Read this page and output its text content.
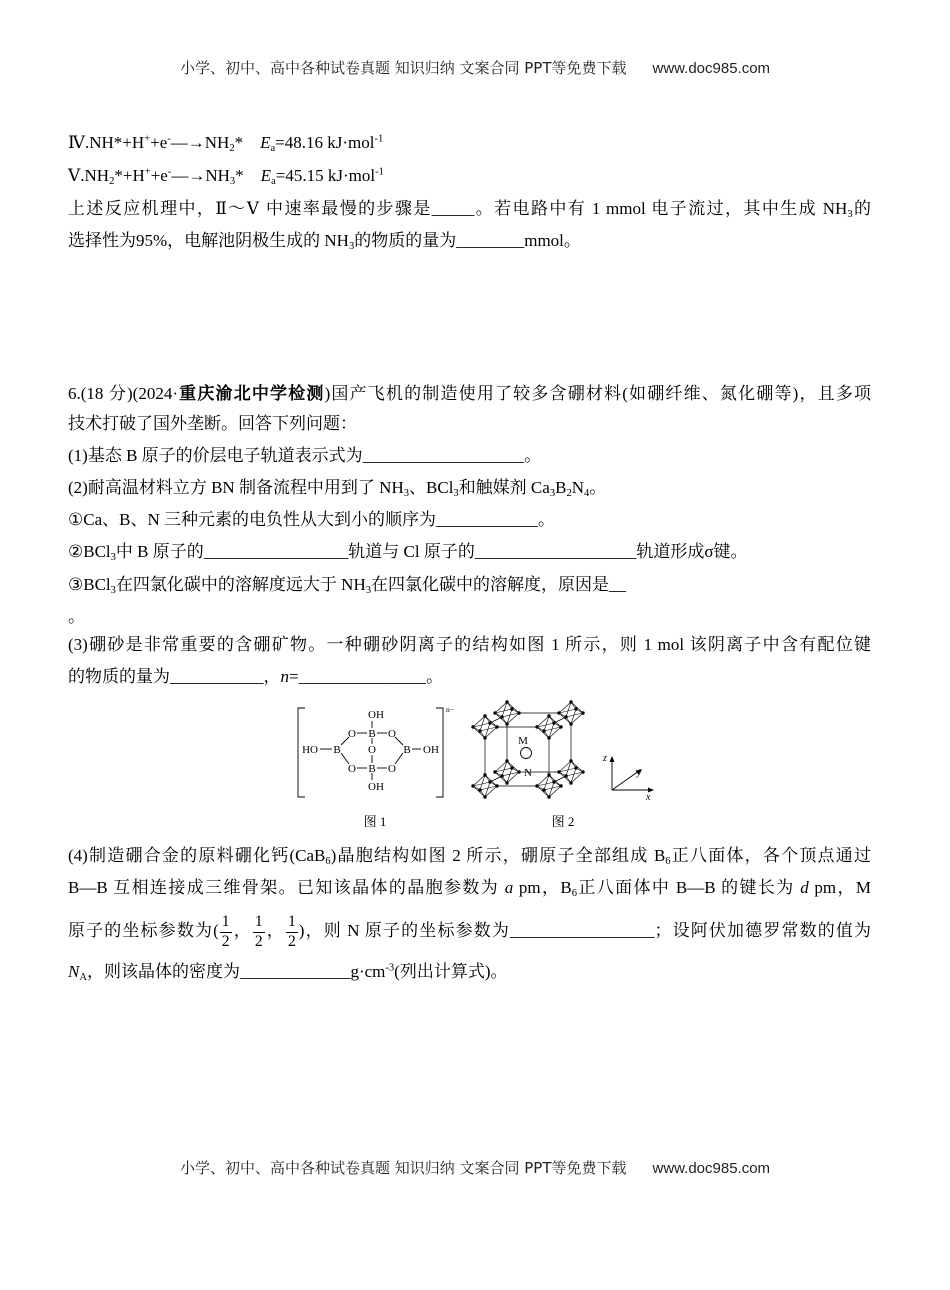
小学、初中、高中各种试卷真题 知识归纳 文案合同 PPT等免费下载 www.doc985.com
$Ⅳ.NH*+H^++e^-—\to NH_2*$    $E_a=48.16$ kJ·mol$^{-1}$
$Ⅴ.NH_2*+H^++e^-—\to NH_3*$    $E_a=45.15$ kJ·mol$^{-1}$
上述反应机理中，Ⅱ～Ⅴ 中速率最慢的步骤是_____。若电路中有 1 mmol 电子流过，其中生成 $NH_3$的
选择性为95%，电解池阴极生成的 $NH_3$的物质的量为________mmol。
6.(18 分)(2024·重庆渝北中学检测)国产飞机的制造使用了较多含硼材料(如硼纤维、氮化硼等)，且多项
技术打破了国外垄断。回答下列问题：
(1)基态 B 原子的价层电子轨道表示式为___________________。
(2)耐高温材料立方 BN 制备流程中用到了 $NH_3$、BCl$_3$和触媒剂 $Ca_3B_2N_4$。
①Ca、B、N 三种元素的电负性从大到小的顺序为____________。
②BCl$_3$中 B 原子的_________________轨道与 Cl 原子的___________________轨道形成σ键。
③BCl$_3$在四氯化碳中的溶解度远大于 $NH_3$在四氯化碳中的溶解度，原因是__
。
(3)硼砂是非常重要的含硼矿物。一种硼砂阴离子的结构如图 1 所示，则 1 mol 该阴离子中含有配位键
的物质的量为___________，n=_______________。
OH
O B O
HO B O B OH
O B O
OH
n−
图 1
M
N
图 2
z
y
x
(4)制造硼合金的原料硼化钙(CaB$_6$)晶胞结构如图 2 所示，硼原子全部组成 $B_6$正八面体，各个顶点通过
B—B 互相连接成三维骨架。已知该晶体的晶胞参数为 a pm，$B_6$正八面体中 B—B 的键长为 d pm，M
原子的坐标参数为( $\frac{1}{2}$ ， $\frac{1}{2}$ ， $\frac{1}{2}$ )，则 N 原子的坐标参数为_________________；设阿伏加德罗常数的值为
$N_A$，则该晶体的密度为$\_\_\_\_\_\_\_\_\_\_\_\_\_g\cdot cm^{-3}$(列出计算式)。
小学、初中、高中各种试卷真题 知识归纳 文案合同 PPT等免费下载 www.doc985.com
